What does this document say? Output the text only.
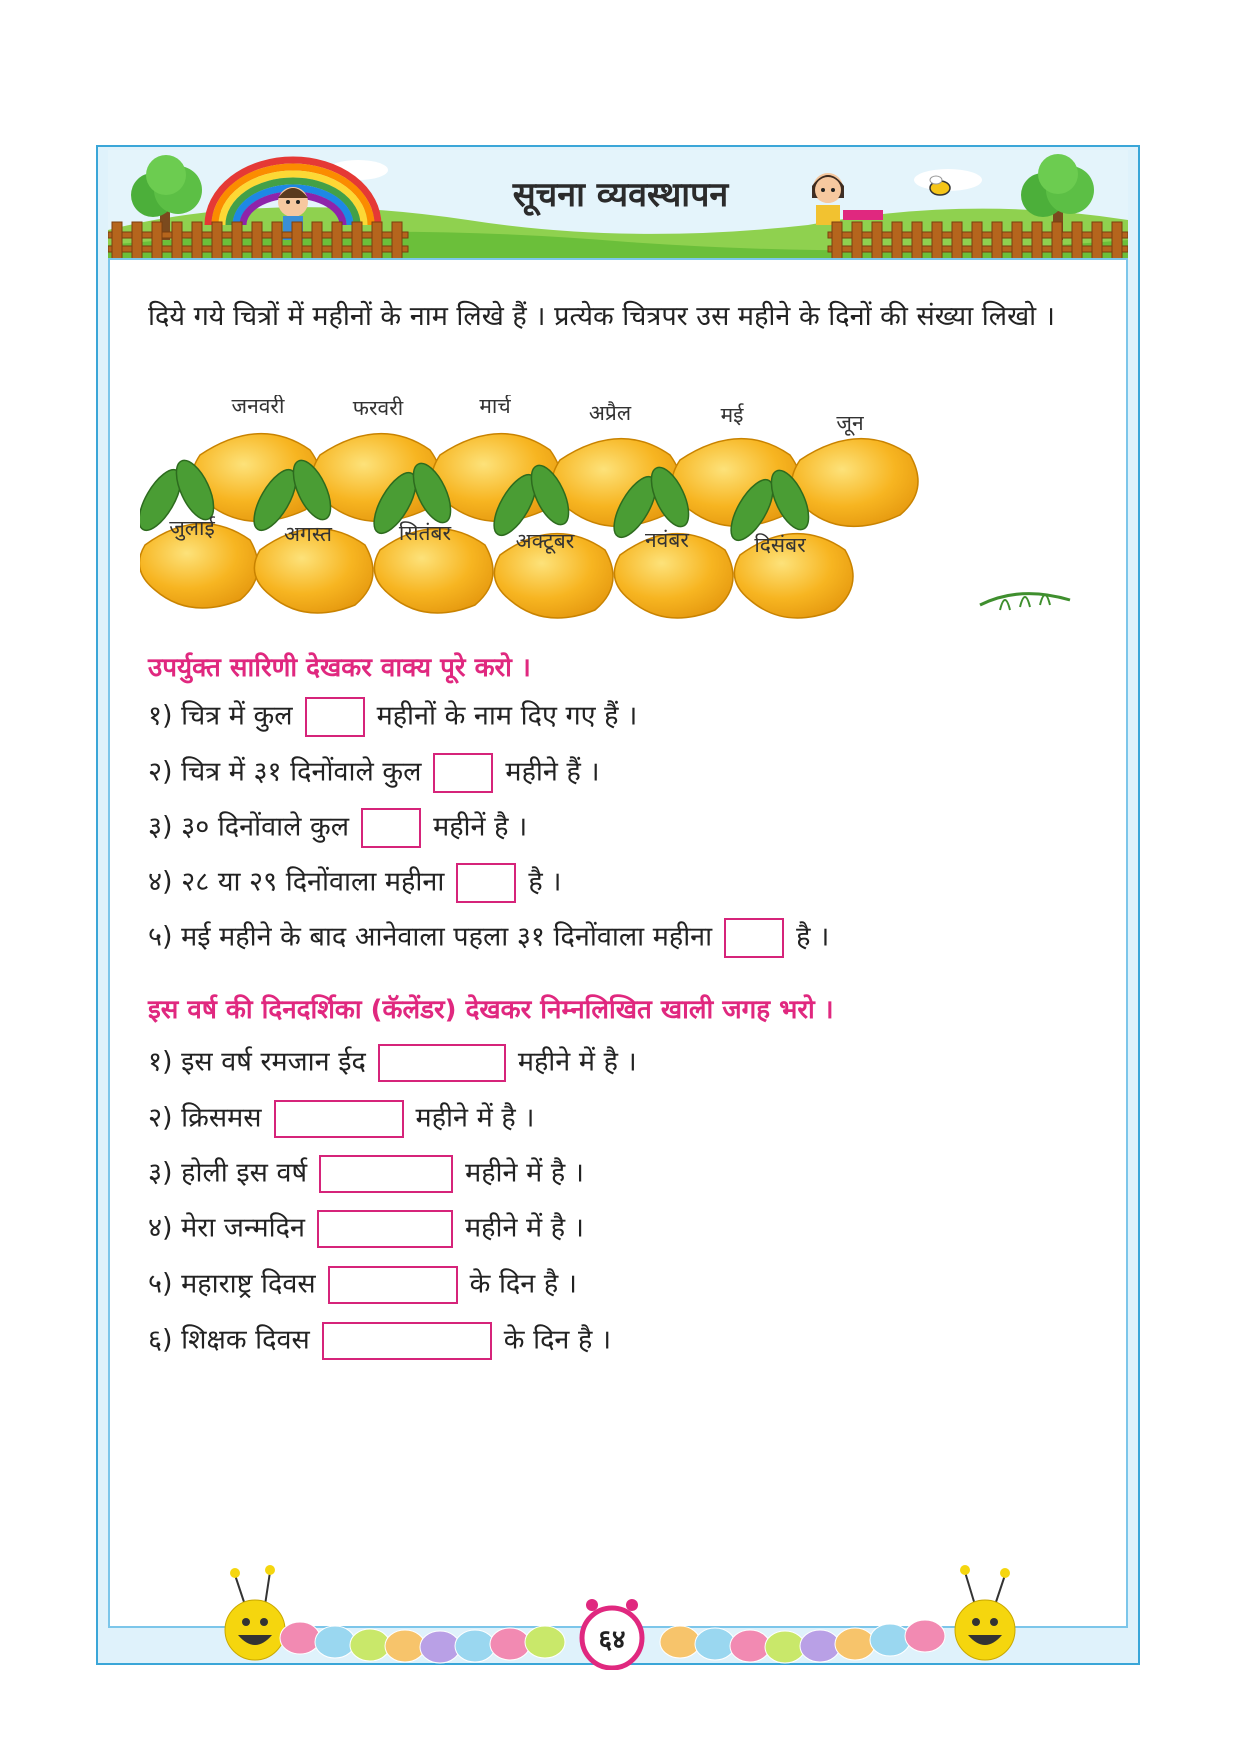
सूचना व्यवस्थापन
दिये गये चित्रों में महीनों के नाम लिखे हैं । प्रत्येक चित्रपर उस महीने के दिनों की संख्या लिखो ।
जनवरी	फरवरी	मार्च	अप्रैल	मई	जून
जुलाई	अगस्त	सितंबर	अक्टूबर	नवंबर	दिसंबर
उपर्युक्त सारिणी देखकर वाक्य पूरे करो ।
१) चित्र में कुल	महीनों के नाम दिए गए हैं ।
२) चित्र में ३१ दिनोंवाले कुल	महीने हैं ।
३) ३० दिनोंवाले कुल	महीनें है ।
४) २८ या २९ दिनोंवाला महीना	है ।
५) मई महीने के बाद आनेवाला पहला ३१ दिनोंवाला महीना	है ।
इस वर्ष की दिनदर्शिका (कॅलेंडर) देखकर निम्नलिखित खाली जगह भरो ।
१) इस वर्ष रमजान ईद	महीने में है ।
२) क्रिसमस	महीने में है ।
३) होली इस वर्ष	महीने में है ।
४) मेरा जन्मदिन	महीने में है ।
५) महाराष्ट्र दिवस	के दिन है ।
६) शिक्षक दिवस	के दिन है ।
६४
